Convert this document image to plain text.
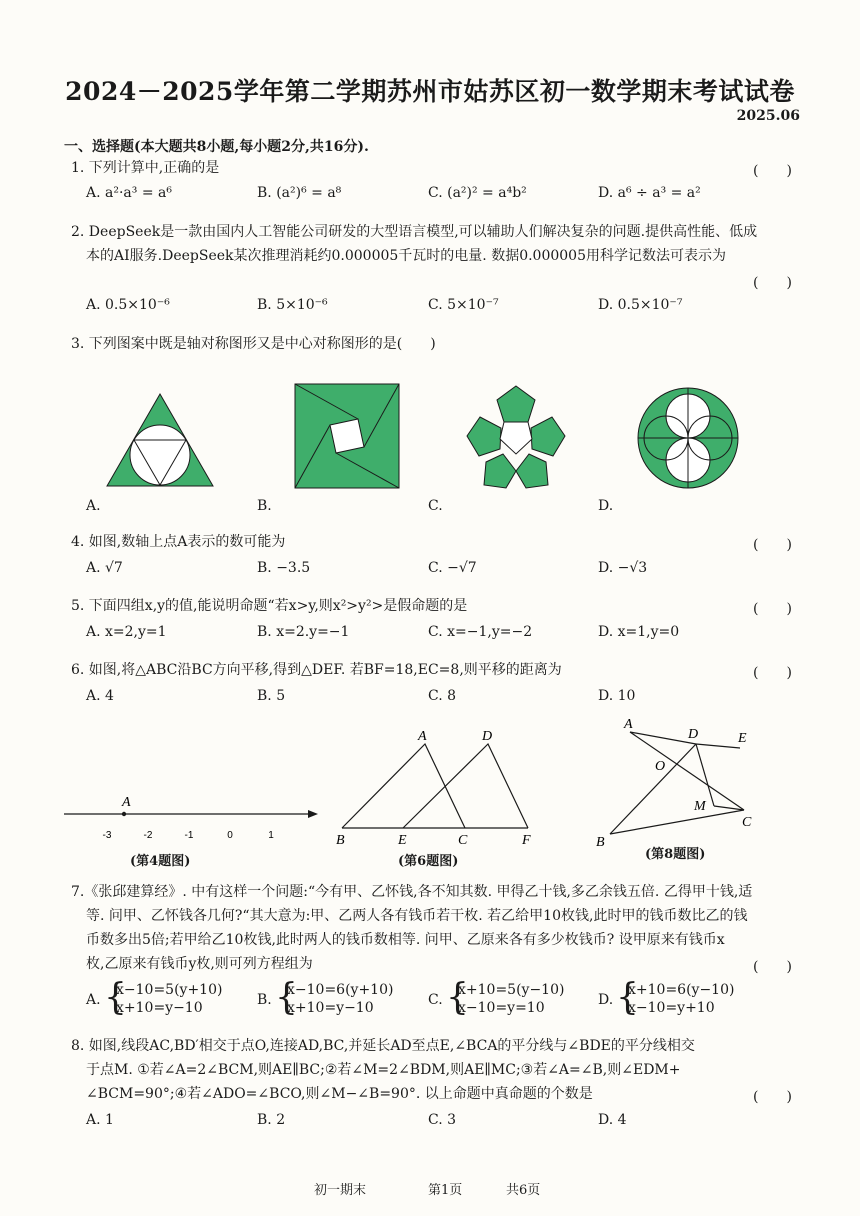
2024－2025学年第二学期苏州市姑苏区初一数学期末考试试卷
2025.06
一、选择题(本大题共8小题,每小题2分,共16分).
1. 下列计算中,正确的是	(　　)
A. a²·a³ = a⁶	B. (a²)⁶ = a⁸	C. (a²)² = a⁴b²	D. a⁶ ÷ a³ = a²
2. DeepSeek是一款由国内人工智能公司研发的大型语言模型,可以辅助人们解决复杂的问题.提供高性能、低成
本的AI服务.DeepSeek某次推理消耗约0.000005千瓦时的电量. 数据0.000005用科学记数法可表示为
(　　)
A. 0.5×10⁻⁶	B. 5×10⁻⁶	C. 5×10⁻⁷	D. 0.5×10⁻⁷
3. 下列图案中既是轴对称图形又是中心对称图形的是(　　)
A.	B.	C.	D.
4. 如图,数轴上点A表示的数可能为	(　　)
A. √7	B. −3.5	C. −√7	D. −√3
5. 下面四组x,y的值,能说明命题“若x>y,则x²>y²>是假命题的是	(　　)
A. x=2,y=1	B. x=2.y=−1	C. x=−1,y=−2	D. x=1,y=0
6. 如图,将△ABC沿BC方向平移,得到△DEF. 若BF=18,EC=8,则平移的距离为	(　　)
A. 4	B. 5	C. 8	D. 10
A
-3	-2	-1	0	1
(第4题图)
A	D
B	E	C	F
(第6题图)
A
D	E
O
M
C
B
(第8题图)
7.《张邱建算经》. 中有这样一个问题:“今有甲、乙怀钱,各不知其数. 甲得乙十钱,多乙余钱五倍. 乙得甲十钱,适
等. 问甲、乙怀钱各几何?“其大意为:甲、乙两人各有钱币若干枚. 若乙给甲10枚钱,此时甲的钱币数比乙的钱
币数多出5倍;若甲给乙10枚钱,此时两人的钱币数相等. 问甲、乙原来各有多少枚钱币? 设甲原来有钱币x
枚,乙原来有钱币y枚,则可列方程组为	(　　)
A. {
x−10=5(y+10)
x+10=y−10	B. {
x−10=6(y+10)
x+10=y−10	C. {
x+10=5(y−10)
x−10=y=10	D. {
x+10=6(y−10)
x−10=y+10
8. 如图,线段AC,BD′相交于点O,连接AD,BC,并延长AD至点E,∠BCA的平分线与∠BDE的平分线相交
于点M. ①若∠A=2∠BCM,则AE∥BC;②若∠M=2∠BDM,则AE∥MC;③若∠A=∠B,则∠EDM+
∠BCM=90°;④若∠ADO=∠BCO,则∠M−∠B=90°. 以上命题中真命题的个数是	(　　)
A. 1	B. 2	C. 3	D. 4
初一期末	第1页	共6页
